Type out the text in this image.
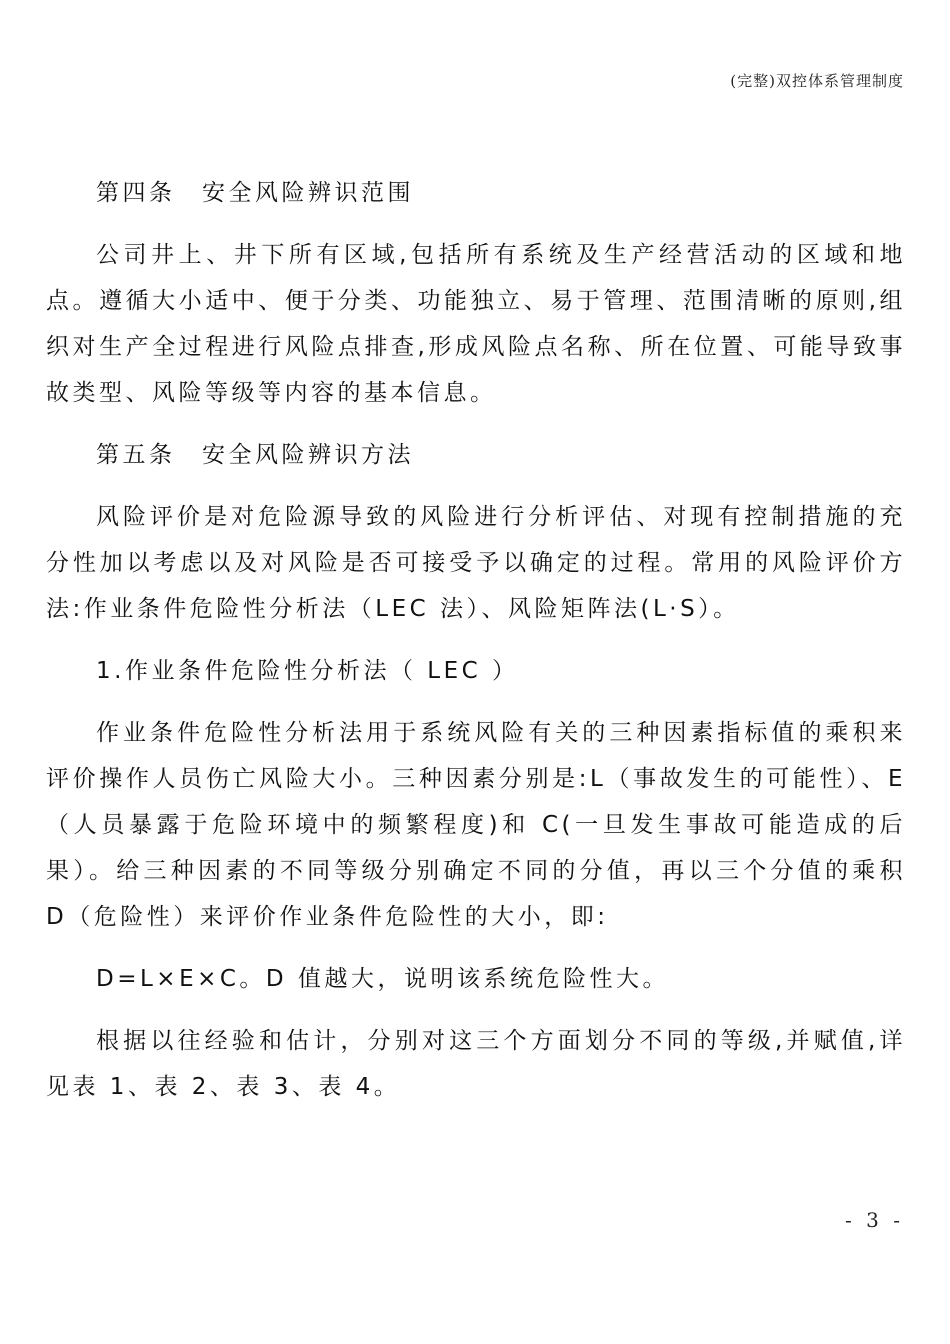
(完整)双控体系管理制度

第四条　安全风险辨识范围

公司井上、井下所有区域,包括所有系统及生产经营活动的区域和地点。遵循大小适中、便于分类、功能独立、易于管理、范围清晰的原则,组织对生产全过程进行风险点排查,形成风险点名称、所在位置、可能导致事故类型、风险等级等内容的基本信息。

第五条　安全风险辨识方法

风险评价是对危险源导致的风险进行分析评估、对现有控制措施的充分性加以考虑以及对风险是否可接受予以确定的过程。常用的风险评价方法:作业条件危险性分析法（LEC 法）、风险矩阵法(L·S）。

1.作业条件危险性分析法（ LEC ）

作业条件危险性分析法用于系统风险有关的三种因素指标值的乘积来评价操作人员伤亡风险大小。三种因素分别是:L（事故发生的可能性）、E（人员暴露于危险环境中的频繁程度)和 C(一旦发生事故可能造成的后果）。给三种因素的不同等级分别确定不同的分值，再以三个分值的乘积 D（危险性）来评价作业条件危险性的大小，即:

D=L×E×C。D 值越大，说明该系统危险性大。

根据以往经验和估计，分别对这三个方面划分不同的等级,并赋值,详见表 1、表 2、表 3、表 4。

- 3 -
